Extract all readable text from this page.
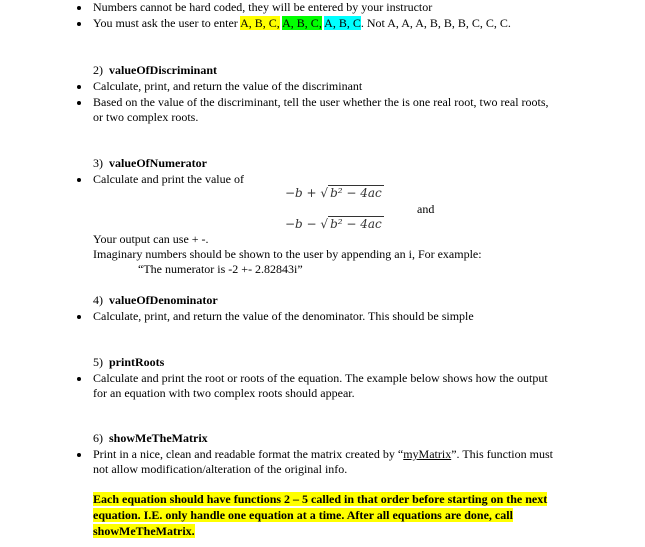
Numbers cannot be hard coded, they will be entered by your instructor
You must ask the user to enter A, B, C, A, B, C, A, B, C. Not A, A, A, B, B, B, C, C, C.
2) valueOfDiscriminant
Calculate, print, and return the value of the discriminant
Based on the value of the discriminant, tell the user whether the is one real root, two real roots,
or two complex roots.
3) valueOfNumerator
Calculate and print the value of
−b + √ b² − 4ac
and
−b − √ b² − 4ac
Your output can use + -.
Imaginary numbers should be shown to the user by appending an i, For example:
“The numerator is -2 +- 2.82843i”
4) valueOfDenominator
Calculate, print, and return the value of the denominator. This should be simple
5) printRoots
Calculate and print the root or roots of the equation. The example below shows how the output
for an equation with two complex roots should appear.
6) showMeTheMatrix
Print in a nice, clean and readable format the matrix created by “myMatrix”. This function must
not allow modification/alteration of the original info.
Each equation should have functions 2 – 5 called in that order before starting on the next
equation. I.E. only handle one equation at a time. After all equations are done, call
showMeTheMatrix.
